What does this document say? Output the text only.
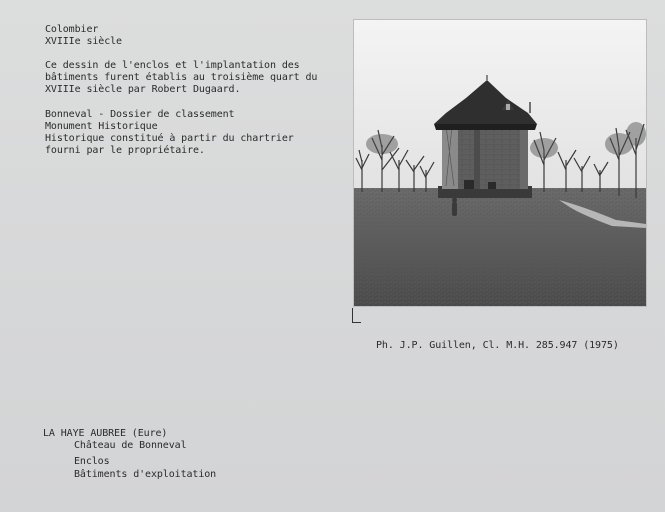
Colombier
XVIIIe siècle
Ce dessin de l'enclos et l'implantation des
bâtiments furent établis au troisième quart du
XVIIIe siècle par Robert Dugaard.
Bonneval - Dossier de classement
Monument Historique
Historique constitué à partir du chartrier
fourni par le propriétaire.
Ph. J.P. Guillen, Cl. M.H. 285.947 (1975)
LA HAYE AUBREE (Eure)
Château de Bonneval
Enclos
Bâtiments d'exploitation
